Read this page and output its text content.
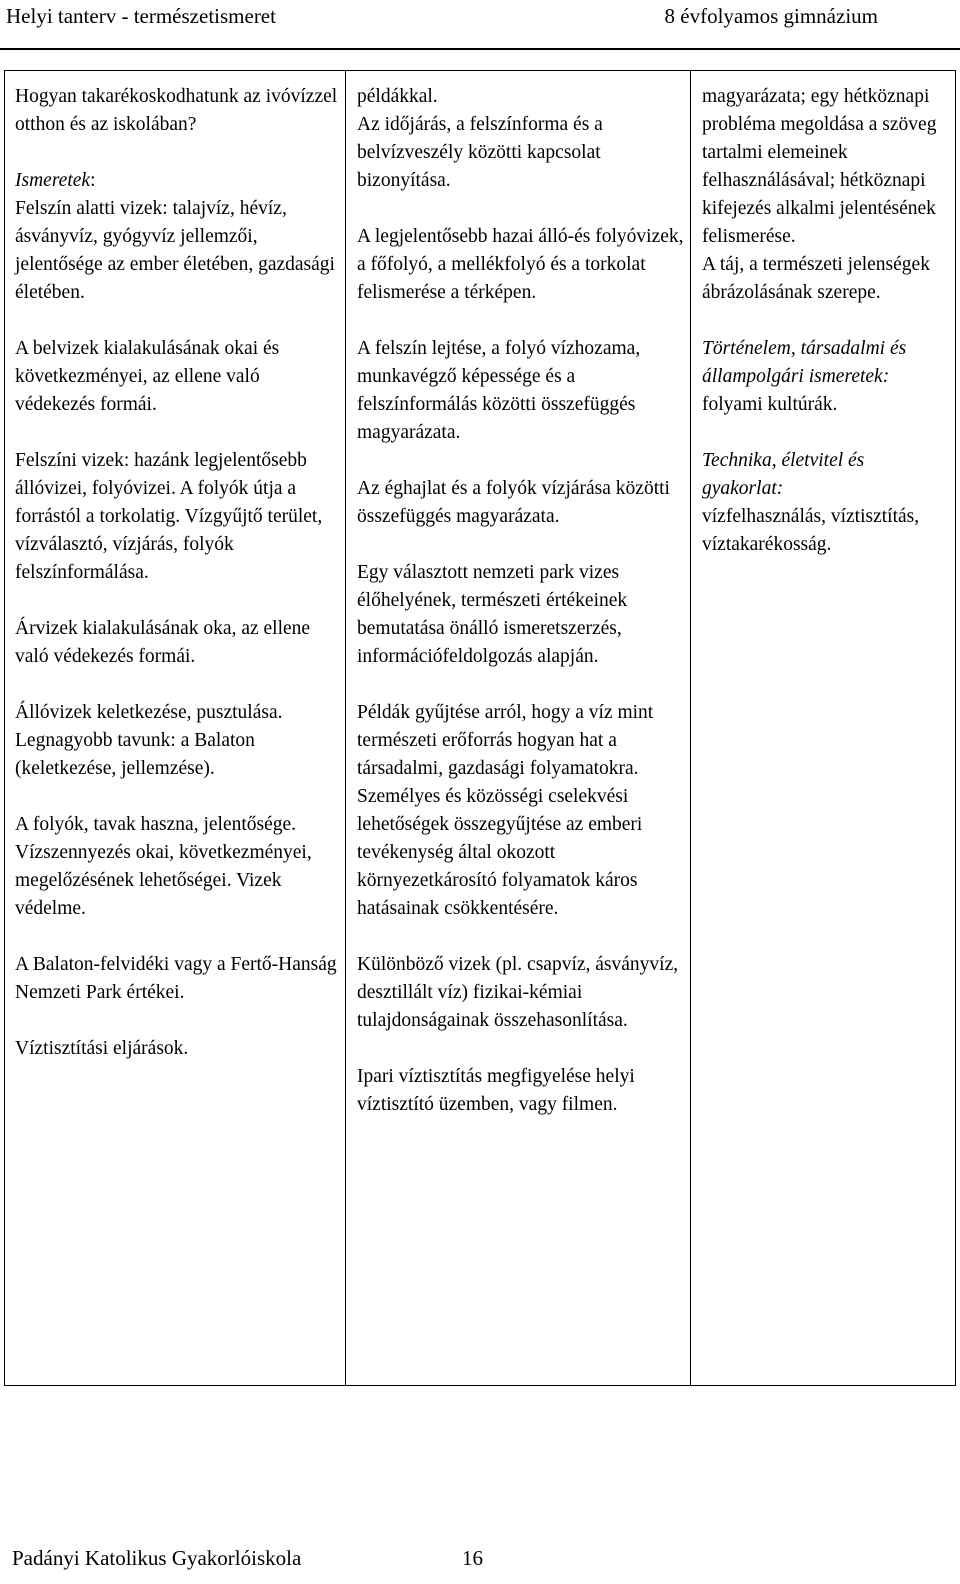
Helyi tanterv - természetismeret	8 évfolyamos gimnázium

Hogyan takarékoskodhatunk az ivóvízzel otthon és az iskolában?

Ismeretek:

Felszín alatti vizek: talajvíz, hévíz, ásványvíz, gyógyvíz jellemzői, jelentősége az ember életében, gazdasági életében.

A belvizek kialakulásának okai és következményei, az ellene való védekezés formái.

Felszíni vizek: hazánk legjelentősebb állóvizei, folyóvizei. A folyók útja a forrástól a torkolatig. Vízgyűjtő terület, vízválasztó, vízjárás, folyók felszínformálása.

Árvizek kialakulásának oka, az ellene való védekezés formái.

Állóvizek keletkezése, pusztulása. Legnagyobb tavunk: a Balaton (keletkezése, jellemzése).

A folyók, tavak haszna, jelentősége. Vízszennyezés okai, következményei, megelőzésének lehetőségei. Vizek védelme.

A Balaton-felvidéki vagy a Fertő-Hanság Nemzeti Park értékei.

Víztisztítási eljárások.

példákkal.

Az időjárás, a felszínforma és a belvízveszély közötti kapcsolat bizonyítása.

A legjelentősebb hazai álló-és folyóvizek, a főfolyó, a mellékfolyó és a torkolat felismerése a térképen.

A felszín lejtése, a folyó vízhozama, munkavégző képessége és a felszínformálás közötti összefüggés magyarázata.

Az éghajlat és a folyók vízjárása közötti összefüggés magyarázata.

Egy választott nemzeti park vizes élőhelyének, természeti értékeinek bemutatása önálló ismeretszerzés, információfeldolgozás alapján.

Példák gyűjtése arról, hogy a víz mint természeti erőforrás hogyan hat a társadalmi, gazdasági folyamatokra.

Személyes és közösségi cselekvési lehetőségek összegyűjtése az emberi tevékenység által okozott környezetkárosító folyamatok káros hatásainak csökkentésére.

Különböző vizek (pl. csapvíz, ásványvíz, desztillált víz) fizikai-kémiai tulajdonságainak összehasonlítása.

Ipari víztisztítás megfigyelése helyi víztisztító üzemben, vagy filmen.

magyarázata; egy hétköznapi probléma megoldása a szöveg tartalmi elemeinek felhasználásával; hétköznapi kifejezés alkalmi jelentésének felismerése.

A táj, a természeti jelenségek ábrázolásának szerepe.

Történelem, társadalmi és állampolgári ismeretek: folyami kultúrák.

Technika, életvitel és gyakorlat:
vízfelhasználás, víztisztítás, víztakarékosság.

Padányi Katolikus Gyakorlóiskola	16
